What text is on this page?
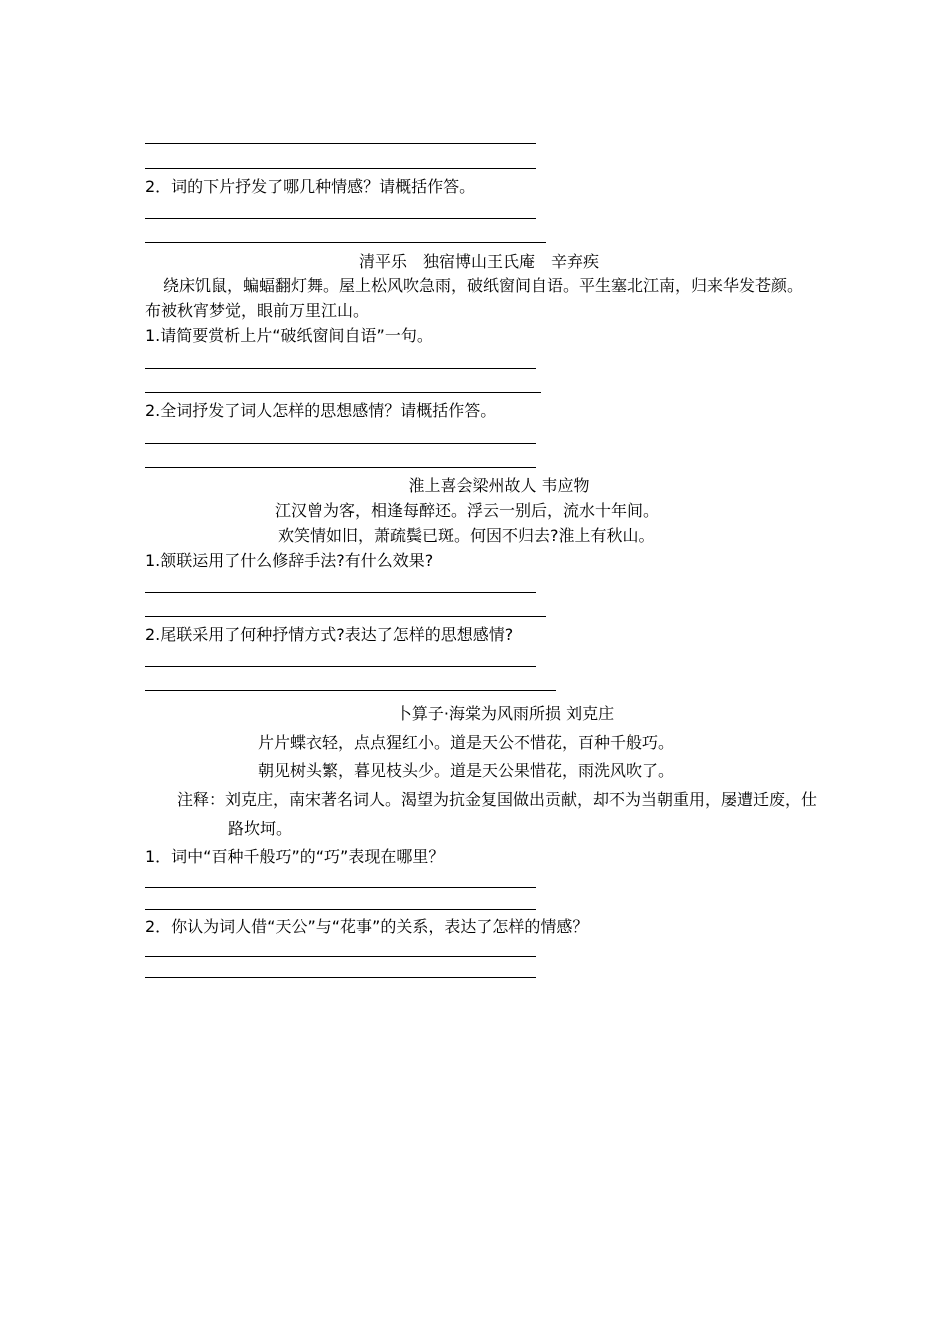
2．词的下片抒发了哪几种情感？请概括作答。
清平乐　独宿博山王氏庵　辛弃疾
绕床饥鼠，蝙蝠翻灯舞。屋上松风吹急雨，破纸窗间自语。平生塞北江南，归来华发苍颜。
布被秋宵梦觉，眼前万里江山。
1.请简要赏析上片“破纸窗间自语”一句。
2.全词抒发了词人怎样的思想感情？请概括作答。
淮上喜会梁州故人 韦应物
江汉曾为客，相逢每醉还。浮云一别后，流水十年间。
欢笑情如旧，萧疏鬓已斑。何因不归去?淮上有秋山。
1.颔联运用了什么修辞手法?有什么效果?
2.尾联采用了何种抒情方式?表达了怎样的思想感情?
卜算子·海棠为风雨所损 刘克庄
片片蝶衣轻，点点猩红小。道是天公不惜花，百种千般巧。
朝见树头繁，暮见枝头少。道是天公果惜花，雨洗风吹了。
注释：刘克庄，南宋著名词人。渴望为抗金复国做出贡献，却不为当朝重用，屡遭迁废，仕
路坎坷。
1．词中“百种千般巧”的“巧”表现在哪里？
2．你认为词人借“天公”与“花事”的关系，表达了怎样的情感？
